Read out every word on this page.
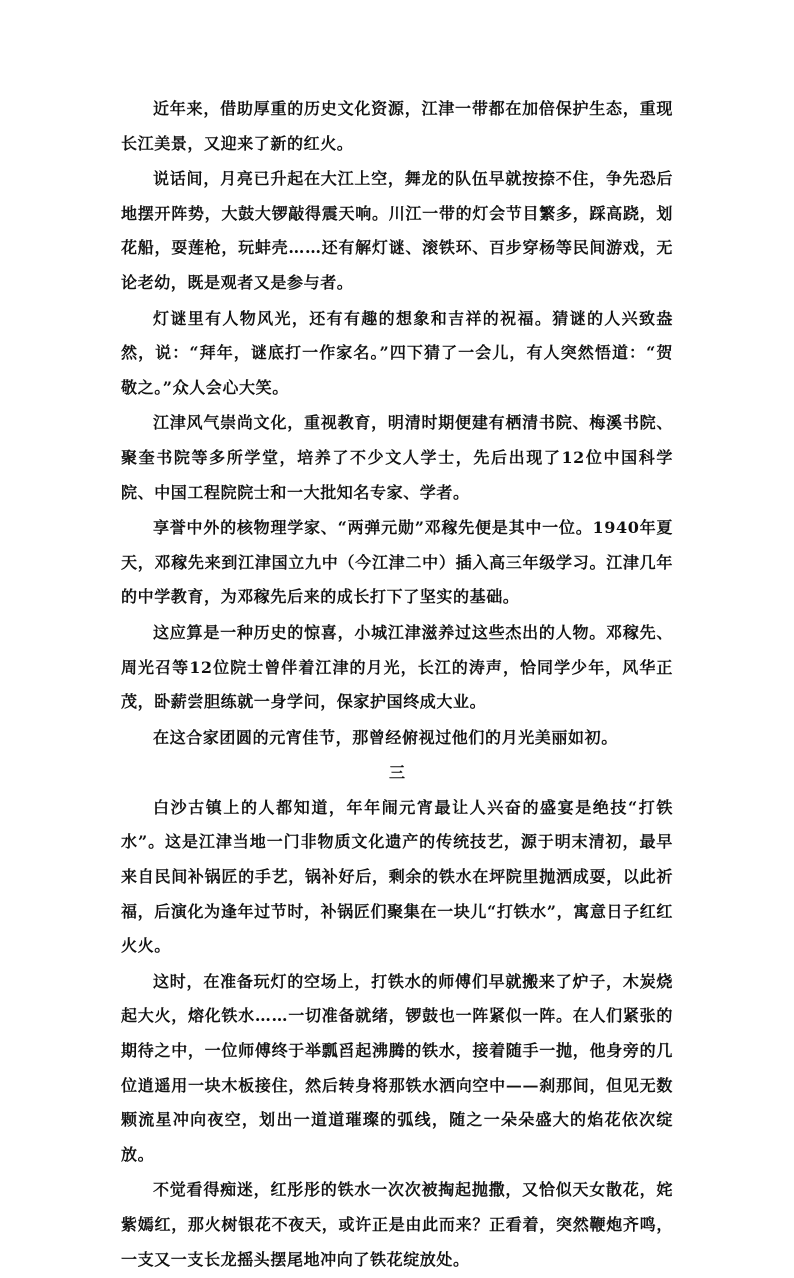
近年来，借助厚重的历史文化资源，江津一带都在加倍保护生态，重现长江美景，又迎来了新的红火。

说话间，月亮已升起在大江上空，舞龙的队伍早就按捺不住，争先恐后地摆开阵势，大鼓大锣敲得震天响。川江一带的灯会节目繁多，踩高跷，划花船，耍莲枪，玩蚌壳……还有解灯谜、滚铁环、百步穿杨等民间游戏，无论老幼，既是观者又是参与者。

灯谜里有人物风光，还有有趣的想象和吉祥的祝福。猜谜的人兴致盎然，说：“拜年，谜底打一作家名。”四下猜了一会儿，有人突然悟道：“贺敬之。”众人会心大笑。

江津风气崇尚文化，重视教育，明清时期便建有栖清书院、梅溪书院、聚奎书院等多所学堂，培养了不少文人学士，先后出现了12位中国科学院、中国工程院院士和一大批知名专家、学者。

享誉中外的核物理学家、“两弹元勋”邓稼先便是其中一位。1940年夏天，邓稼先来到江津国立九中（今江津二中）插入高三年级学习。江津几年的中学教育，为邓稼先后来的成长打下了坚实的基础。

这应算是一种历史的惊喜，小城江津滋养过这些杰出的人物。邓稼先、周光召等12位院士曾伴着江津的月光，长江的涛声，恰同学少年，风华正茂，卧薪尝胆练就一身学问，保家护国终成大业。

在这合家团圆的元宵佳节，那曾经俯视过他们的月光美丽如初。

三

白沙古镇上的人都知道，年年闹元宵最让人兴奋的盛宴是绝技“打铁水”。这是江津当地一门非物质文化遗产的传统技艺，源于明末清初，最早来自民间补锅匠的手艺，锅补好后，剩余的铁水在坪院里抛洒成耍，以此祈福，后演化为逢年过节时，补锅匠们聚集在一块儿“打铁水”，寓意日子红红火火。

这时，在准备玩灯的空场上，打铁水的师傅们早就搬来了炉子，木炭烧起大火，熔化铁水……一切准备就绪，锣鼓也一阵紧似一阵。在人们紧张的期待之中，一位师傅终于举瓢舀起沸腾的铁水，接着随手一抛，他身旁的几位逍遥用一块木板接住，然后转身将那铁水洒向空中——刹那间，但见无数颗流星冲向夜空，划出一道道璀璨的弧线，随之一朵朵盛大的焰花依次绽放。

不觉看得痴迷，红彤彤的铁水一次次被掏起抛撒，又恰似天女散花，姹紫嫣红，那火树银花不夜天，或许正是由此而来？正看着，突然鞭炮齐鸣，一支又一支长龙摇头摆尾地冲向了铁花绽放处。
